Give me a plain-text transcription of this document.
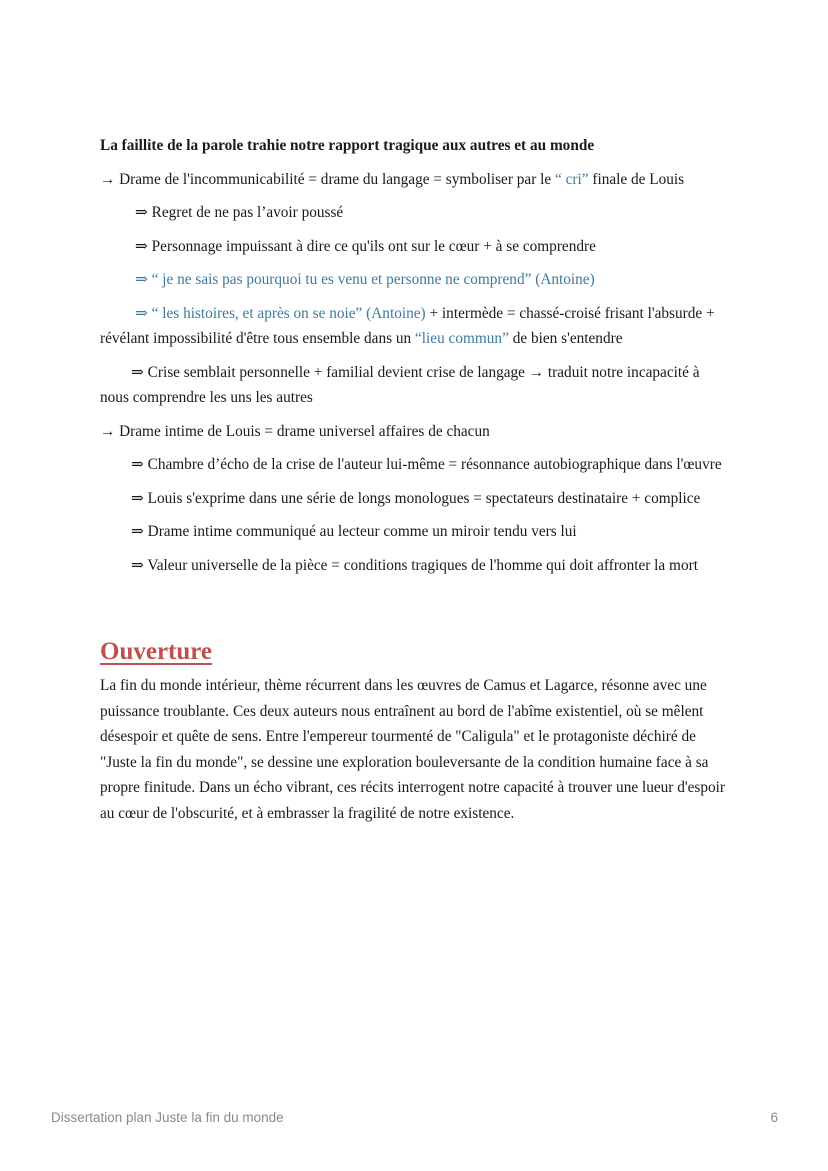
La faillite de la parole trahie notre rapport tragique aux autres et au monde

→ Drame de l'incommunicabilité = drame du langage = symboliser par le “ cri” finale de Louis

⇒ Regret de ne pas l’avoir poussé

⇒ Personnage impuissant à dire ce qu'ils ont sur le cœur + à se comprendre

⇒ “ je ne sais pas pourquoi tu es venu et personne ne comprend” (Antoine)

⇒ “ les histoires, et après on se noie” (Antoine) + intermède = chassé-croisé frisant l'absurde + révélant impossibilité d'être tous ensemble dans un “lieu commun” de bien s'entendre

⇒ Crise semblait personnelle + familial devient crise de langage → traduit notre incapacité à nous comprendre les uns les autres

→ Drame intime de Louis = drame universel affaires de chacun

⇒ Chambre d’écho de la crise de l'auteur lui-même = résonnance autobiographique dans l'œuvre

⇒ Louis s'exprime dans une série de longs monologues = spectateurs destinataire + complice

⇒ Drame intime communiqué au lecteur comme un miroir tendu vers lui

⇒ Valeur universelle de la pièce = conditions tragiques de l'homme qui doit affronter la mort

Ouverture

La fin du monde intérieur, thème récurrent dans les œuvres de Camus et Lagarce, résonne avec une puissance troublante. Ces deux auteurs nous entraînent au bord de l'abîme existentiel, où se mêlent désespoir et quête de sens. Entre l'empereur tourmenté de "Caligula" et le protagoniste déchiré de "Juste la fin du monde", se dessine une exploration bouleversante de la condition humaine face à sa propre finitude. Dans un écho vibrant, ces récits interrogent notre capacité à trouver une lueur d'espoir au cœur de l'obscurité, et à embrasser la fragilité de notre existence.

Dissertation plan Juste la fin du monde	6
